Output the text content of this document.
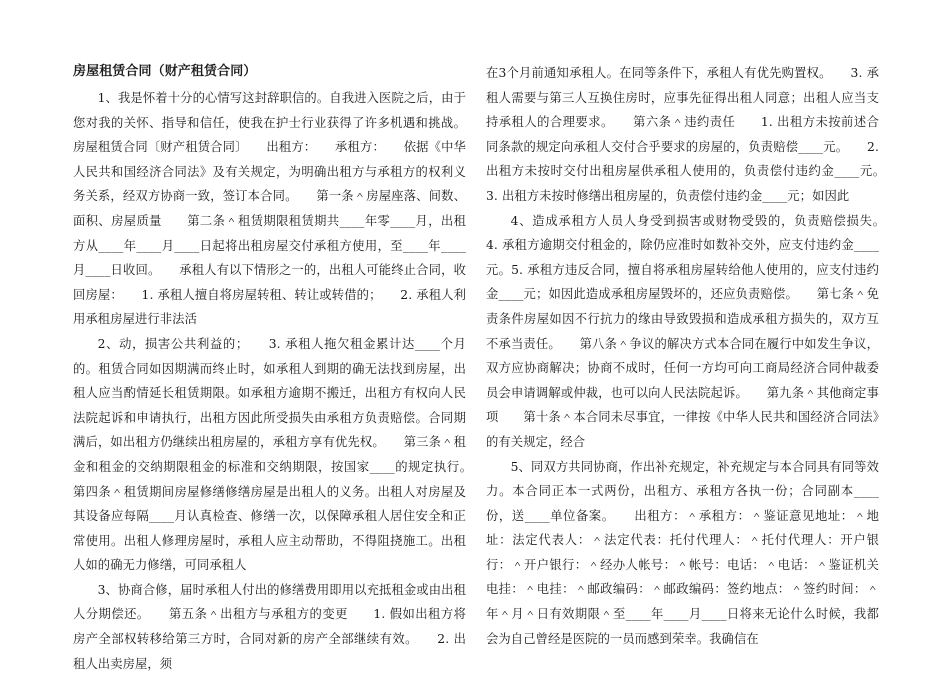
房屋租赁合同（财产租赁合同）

1、我是怀着十分的心情写这封辞职信的。自我进入医院之后，由于您对我的关怀、指导和信任，使我在护士行业获得了许多机遇和挑战。房屋租赁合同〔财产租赁合同〕　　出租方：　　承租方：　　依据《中华人民共和国经济合同法》及有关规定，为明确出租方与承租方的权利义务关系，经双方协商一致，签订本合同。　　第一条＾房屋座落、间数、面积、房屋质量　　第二条＾租赁期限租赁期共____年零____月，出租方从____年____月____日起将出租房屋交付承租方使用，至____年____月____日收回。　　承租人有以下情形之一的，出租人可能终止合同，收回房屋：　　1. 承租人擅自将房屋转租、转让或转借的；　　2. 承租人利用承租房屋进行非法活

2、动，损害公共利益的；　　3. 承租人拖欠租金累计达____个月的。租赁合同如因期满而终止时，如承租人到期的确无法找到房屋，出租人应当酌情延长租赁期限。如承租方逾期不搬迁，出租方有权向人民法院起诉和申请执行，出租方因此所受损失由承租方负责赔偿。合同期满后，如出租方仍继续出租房屋的，承租方享有优先权。　　第三条＾租金和租金的交纳期限租金的标准和交纳期限，按国家____的规定执行。　　第四条＾租赁期间房屋修缮修缮房屋是出租人的义务。出租人对房屋及其设备应每隔____月认真检查、修缮一次，以保障承租人居住安全和正常使用。出租人修理房屋时，承租人应主动帮助，不得阻挠施工。出租人如的确无力修缮，可同承租人

3、协商合修，届时承租人付出的修缮费用即用以充抵租金或由出租人分期偿还。　　第五条＾出租方与承租方的变更　　1. 假如出租方将房产全部权转移给第三方时，合同对新的房产全部继续有效。　　2. 出租人出卖房屋，须

在3个月前通知承租人。在同等条件下，承租人有优先购置权。　　3. 承租人需要与第三人互换住房时，应事先征得出租人同意；出租人应当支持承租人的合理要求。　　第六条＾违约责任　　1. 出租方未按前述合同条款的规定向承租人交付合乎要求的房屋的，负责赔偿____元。　　2. 出租方未按时交付出租房屋供承租人使用的，负责偿付违约金____元。　　3. 出租方未按时修缮出租房屋的，负责偿付违约金____元；如因此

4、造成承租方人员人身受到损害或财物受毁的，负责赔偿损失。　　4. 承租方逾期交付租金的，除仍应准时如数补交外，应支付违约金____元。5. 承租方违反合同，擅自将承租房屋转给他人使用的，应支付违约金____元；如因此造成承租房屋毁坏的，还应负责赔偿。　　第七条＾免责条件房屋如因不行抗力的缘由导致毁损和造成承租方损失的，双方互不承当责任。　　第八条＾争议的解决方式本合同在履行中如发生争议，双方应协商解决；协商不成时，任何一方均可向工商局经济合同仲裁委员会申请调解或仲裁，也可以向人民法院起诉。　　第九条＾其他商定事项　　第十条＾本合同未尽事宜，一律按《中华人民共和国经济合同法》的有关规定，经合

5、同双方共同协商，作出补充规定，补充规定与本合同具有同等效力。本合同正本一式两份，出租方、承租方各执一份；合同副本____份，送____单位备案。　　出租方：＾承租方：＾鉴证意见地址：＾地址：法定代表人：＾法定代表：托付代理人：＾托付代理人：开户银行：＾开户银行：＾经办人帐号：＾帐号：电话：＾电话：＾鉴证机关电挂：＾电挂：＾邮政编码：＾邮政编码：签约地点：＾签约时间：＾年＾月＾日有效期限＾至____年____月____日将来无论什么时候，我都会为自己曾经是医院的一员而感到荣幸。我确信在
